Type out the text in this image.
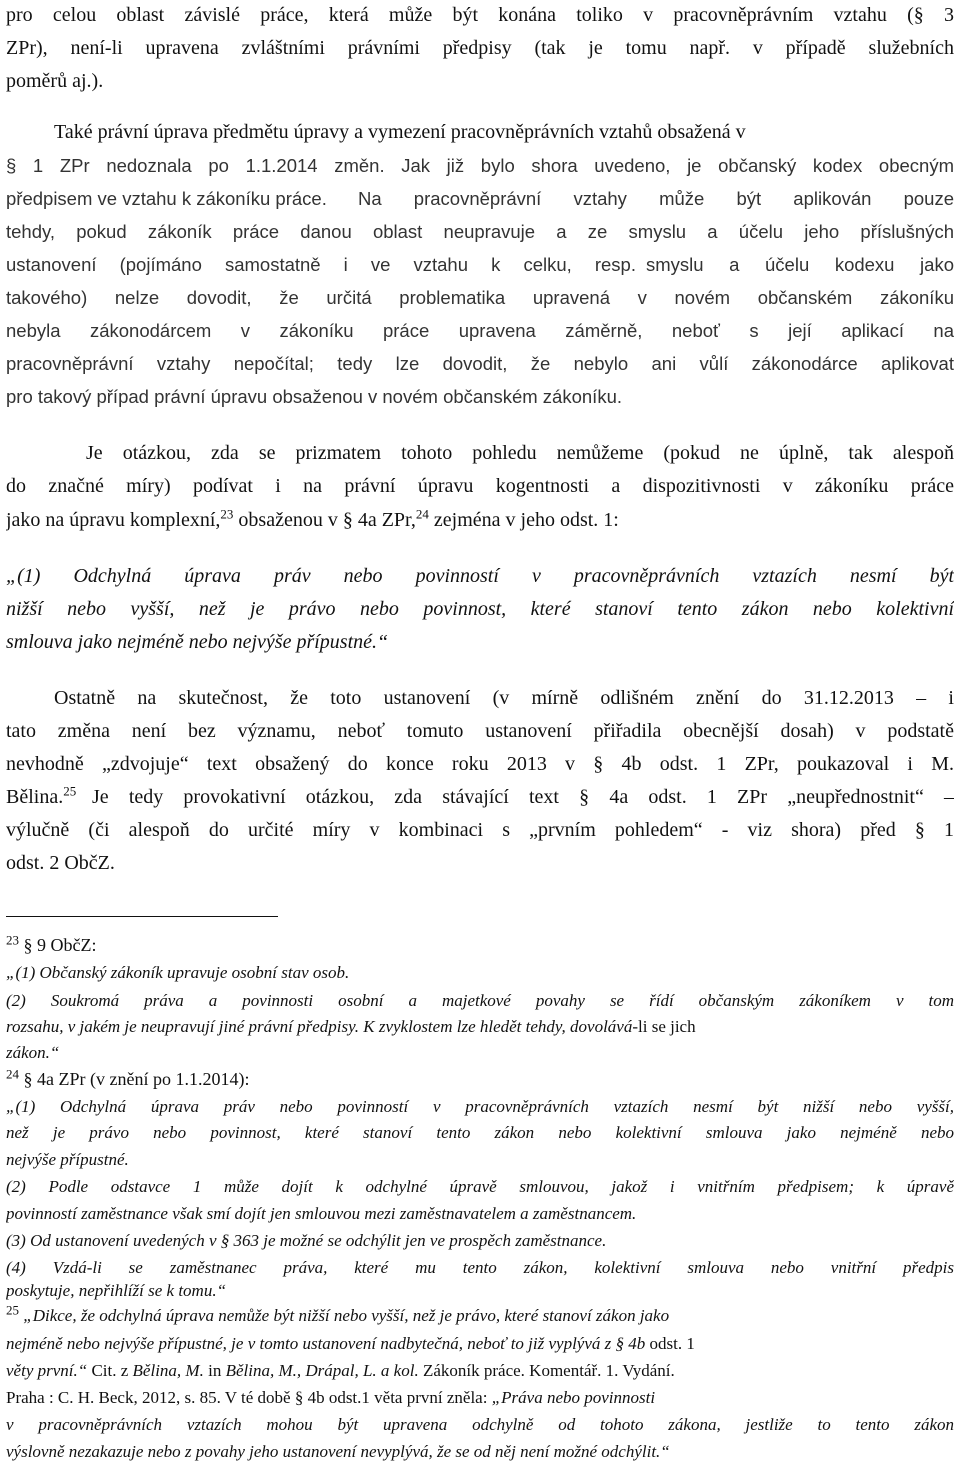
pro celou oblast závislé práce, která může být konána toliko v pracovněprávním vztahu (§ 3
ZPr), není-li upravena zvláštními právními předpisy (tak je tomu např. v případě služebních
poměrů aj.).
Také právní úprava předmětu úpravy a vymezení pracovněprávních vztahů obsažená v
§ 1 ZPr nedoznala po 1.1.2014 změn. Jak již bylo shora uvedeno, je občanský kodex obecným
předpisem ve vztahu k zákoníku práce.	Na pracovněprávní vztahy může být aplikován pouze
tehdy, pokud zákoník práce danou oblast neupravuje a ze smyslu a účelu jeho příslušných
ustanovení (pojímáno samostatně i ve vztahu k celku, resp. smyslu a účelu kodexu jako
takového) nelze dovodit, že určitá problematika upravená v novém občanském zákoníku
nebyla zákonodárcem v zákoníku práce upravena záměrně, neboť s její aplikací na
pracovněprávní vztahy nepočítal; tedy lze dovodit, že nebylo ani vůlí zákonodárce aplikovat
pro takový případ právní úpravu obsaženou v novém občanském zákoníku.
Je otázkou, zda se prizmatem tohoto pohledu nemůžeme (pokud ne úplně, tak alespoň
do značné míry) podívat i na právní úpravu kogentnosti a dispozitivnosti v zákoníku práce
jako na úpravu komplexní,$^{23}$ obsaženou v § 4a ZPr,$^{24}$ zejména v jeho odst. 1:
„(1) Odchylná úprava práv nebo povinností v pracovněprávních vztazích nesmí být
nižší nebo vyšší, než je právo nebo povinnost, které stanoví tento zákon nebo kolektivní
smlouva jako nejméně nebo nejvýše přípustné.“
Ostatně na skutečnost, že toto ustanovení (v mírně odlišném znění do 31.12.2013 – i
tato změna není bez významu, neboť tomuto ustanovení přiřadila obecnější dosah) v podstatě
nevhodně „zdvojuje“ text obsažený do konce roku 2013 v § 4b odst. 1 ZPr, poukazoval i M.
Bělina.$^{25}$ Je tedy provokativní otázkou, zda stávající text § 4a odst. 1 ZPr „neupřednostnit“ –
výlučně (či alespoň do určité míry v kombinaci s „prvním pohledem“ - viz shora) před § 1
odst. 2 ObčZ.
$^{23}$ § 9 ObčZ:
„(1) Občanský zákoník upravuje osobní stav osob.
(2) Soukromá práva a povinnosti osobní a majetkové povahy se řídí občanským zákoníkem v tom
rozsahu, v jakém je neupravují jiné právní předpisy. K zvyklostem lze hledět tehdy, dovolává-li se jich
zákon.“
$^{24}$ § 4a ZPr (v znění po 1.1.2014):
„(1) Odchylná úprava práv nebo povinností v pracovněprávních vztazích nesmí být nižší nebo vyšší,
než je právo nebo povinnost, které stanoví tento zákon nebo kolektivní smlouva jako nejméně nebo
nejvýše přípustné.
(2) Podle odstavce 1 může dojít k odchylné úpravě smlouvou, jakož i vnitřním předpisem; k úpravě
povinností zaměstnance však smí dojít jen smlouvou mezi zaměstnavatelem a zaměstnancem.
(3) Od ustanovení uvedených v § 363 je možné se odchýlit jen ve prospěch zaměstnance.
(4) Vzdá-li se zaměstnanec práva, které mu tento zákon, kolektivní smlouva nebo vnitřní předpis
poskytuje, nepřihlíží se k tomu.“
$^{25}$ „Dikce, že odchylná úprava nemůže být nižší nebo vyšší, než je právo, které stanoví zákon jako
nejméně nebo nejvýše přípustné, je v tomto ustanovení nadbytečná, neboť to již vyplývá z § 4b odst. 1
věty první.“ Cit. z Bělina, M. in Bělina, M., Drápal, L. a kol. Zákoník práce. Komentář. 1. Vydání.
Praha : C. H. Beck, 2012, s. 85. V té době § 4b odst.1 věta první zněla: „Práva nebo povinnosti
v pracovněprávních vztazích mohou být upravena odchylně od tohoto zákona, jestliže to tento zákon
výslovně nezakazuje nebo z povahy jeho ustanovení nevyplývá, že se od něj není možné odchýlit.“
